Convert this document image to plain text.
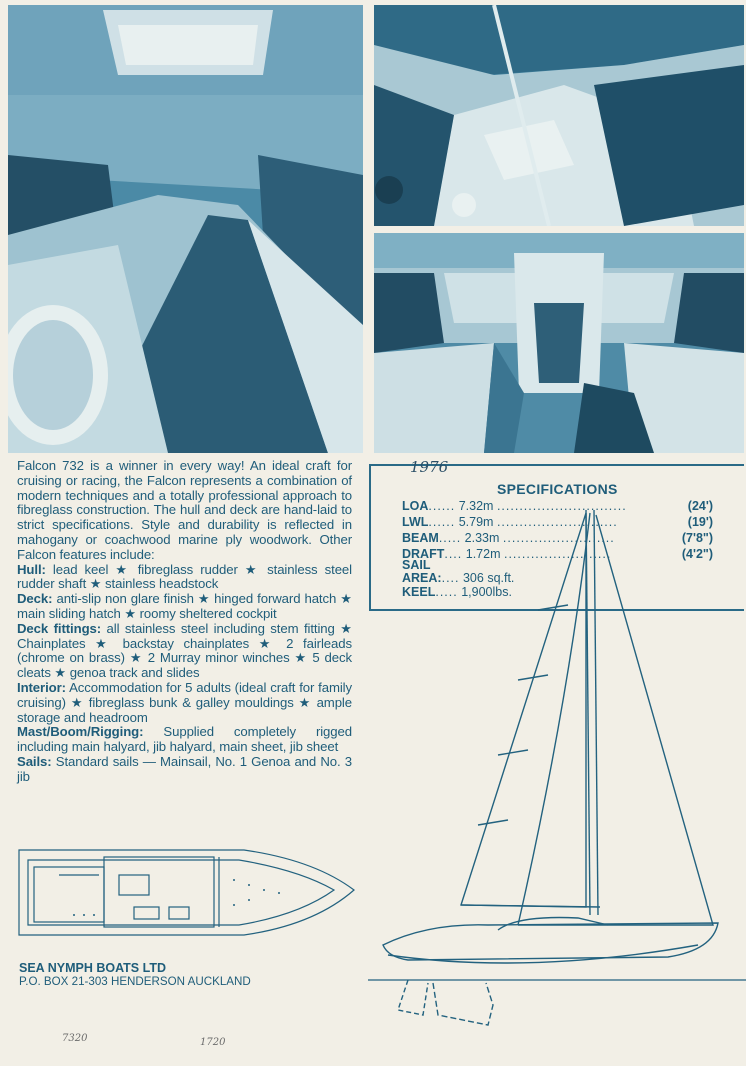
Falcon 732 is a winner in every way! An ideal craft for cruising or racing, the Falcon represents a combination of modern techniques and a totally professional approach to fibreglass construction. The hull and deck are hand-laid to strict specifications. Style and durability is reflected in mahogany or coachwood marine ply woodwork. Other Falcon features include:

Hull: lead keel ★ fibreglass rudder ★ stainless steel rudder shaft ★ stainless headstock

Deck: anti-slip non glare finish ★ hinged forward hatch ★ main sliding hatch ★ roomy sheltered cockpit

Deck fittings: all stainless steel including stem fitting ★ Chainplates ★ backstay chainplates ★ 2 fairleads (chrome on brass) ★ 2 Murray minor winches ★ 5 deck cleats ★ genoa track and slides

Interior: Accommodation for 5 adults (ideal craft for family cruising) ★ fibreglass bunk & galley mouldings ★ ample storage and headroom

Mast/Boom/Rigging: Supplied completely rigged including main halyard, jib halyard, main sheet, jib sheet

Sails: Standard sails — Mainsail, No. 1 Genoa and No. 3 jib

1976
SPECIFICATIONS
LOA...... 7.32m .............................	(24')
LWL...... 5.79m ...........................	(19')
BEAM..... 2.33m .........................	(7'8")
DRAFT.... 1.72m ........................	(4'2")
SAIL
AREA:.... 306 sq.ft.
KEEL..... 1,900lbs.
SEA NYMPH BOATS LTD
P.O. BOX 21-303 HENDERSON AUCKLAND
7320	1720
